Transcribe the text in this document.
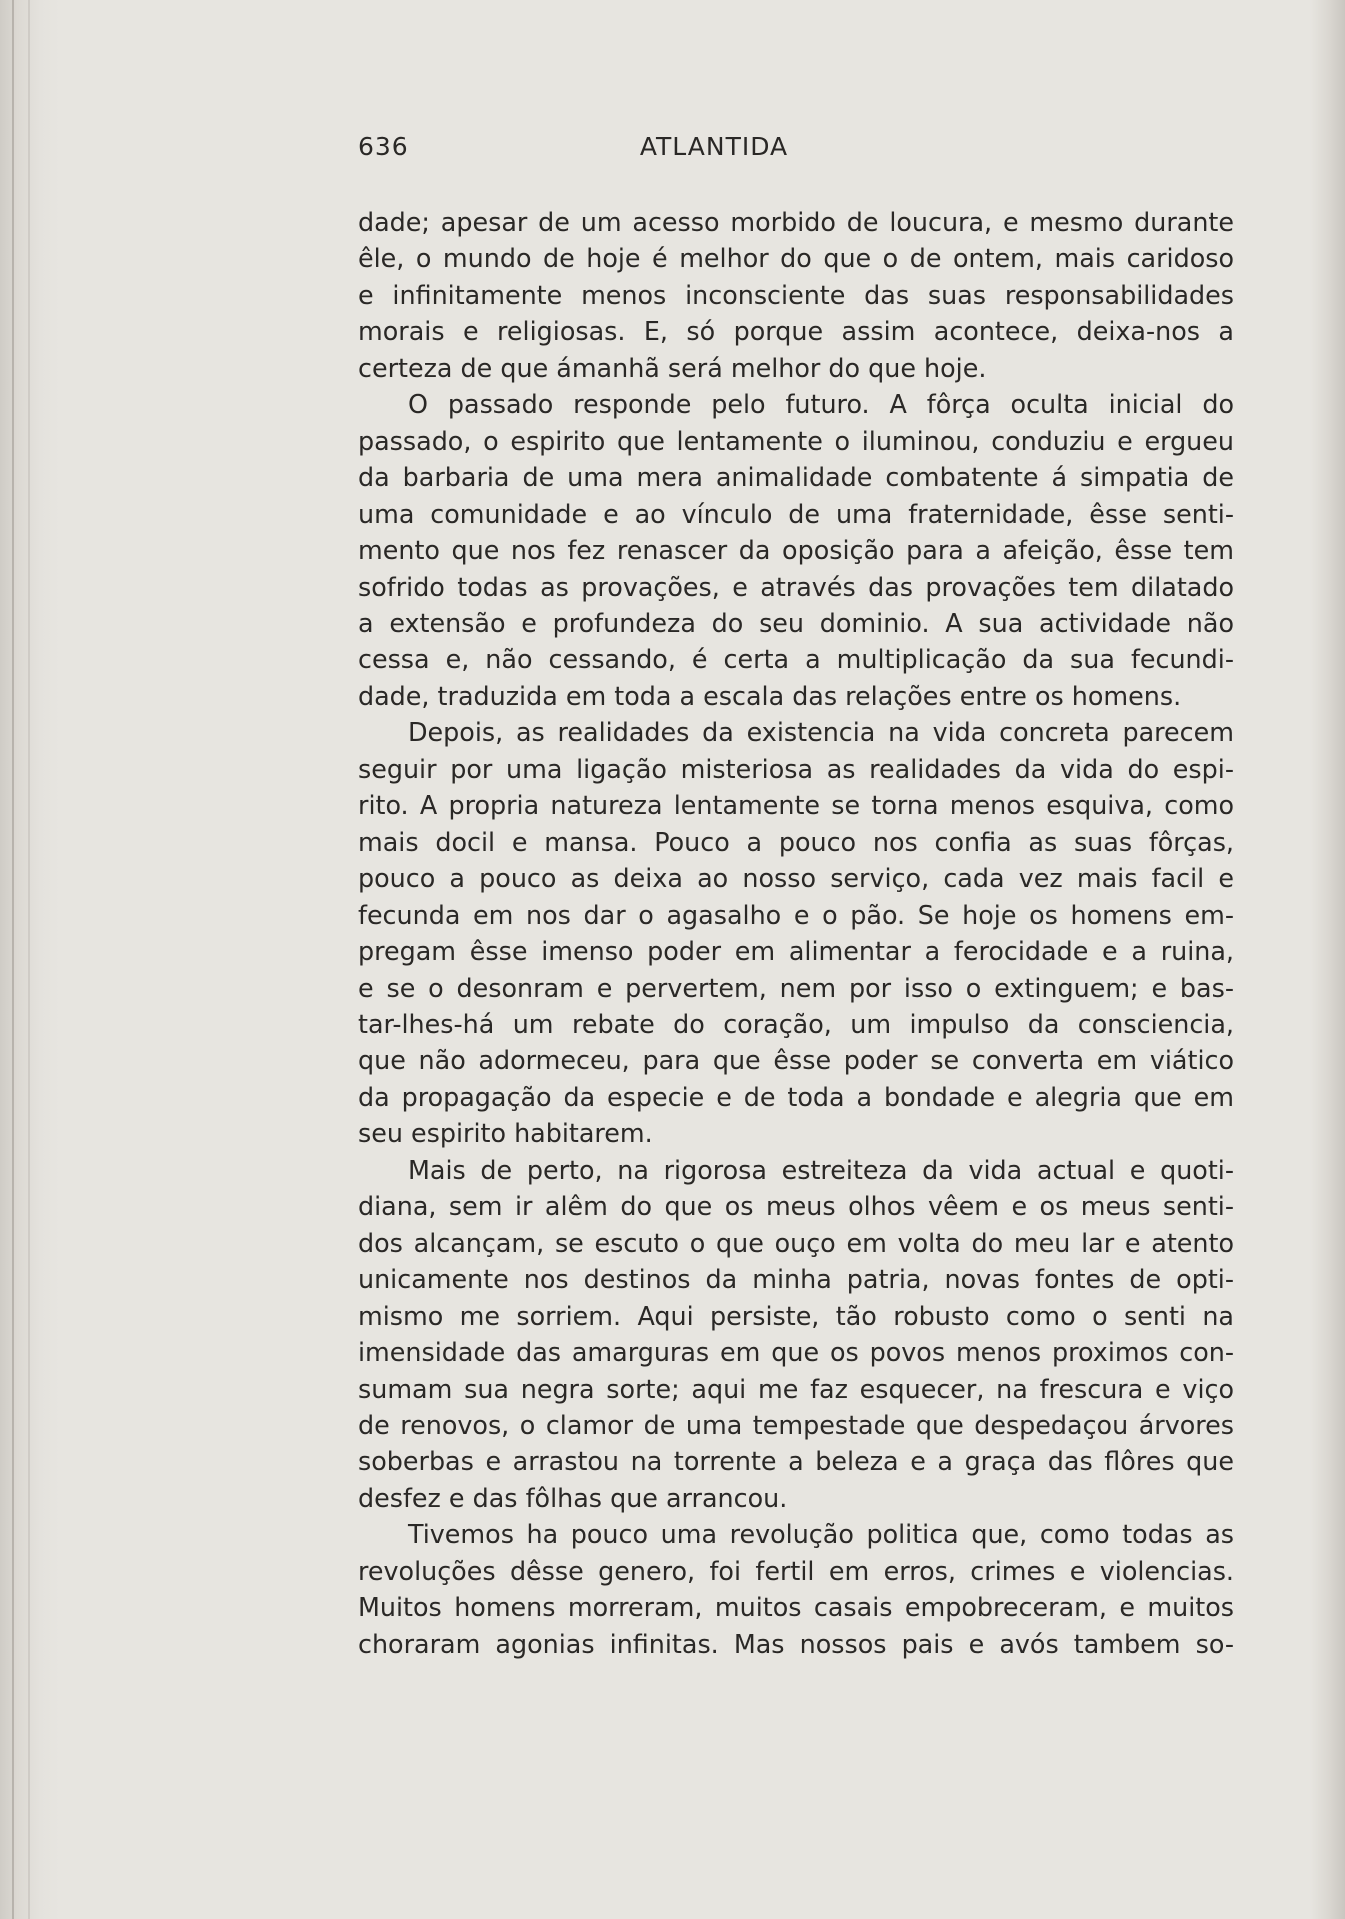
636	ATLANTIDA
dade; apesar de um acesso morbido de loucura, e mesmo durante
êle, o mundo de hoje é melhor do que o de ontem, mais caridoso
e infinitamente menos inconsciente das suas responsabilidades
morais e religiosas. E, só porque assim acontece, deixa-nos a
certeza de que ámanhã será melhor do que hoje.
O passado responde pelo futuro. A fôrça oculta inicial do
passado, o espirito que lentamente o iluminou, conduziu e ergueu
da barbaria de uma mera animalidade combatente á simpatia de
uma comunidade e ao vínculo de uma fraternidade, êsse senti-
mento que nos fez renascer da oposição para a afeição, êsse tem
sofrido todas as provações, e através das provações tem dilatado
a extensão e profundeza do seu dominio. A sua actividade não
cessa e, não cessando, é certa a multiplicação da sua fecundi-
dade, traduzida em toda a escala das relações entre os homens.
Depois, as realidades da existencia na vida concreta parecem
seguir por uma ligação misteriosa as realidades da vida do espi-
rito. A propria natureza lentamente se torna menos esquiva, como
mais docil e mansa. Pouco a pouco nos confia as suas fôrças,
pouco a pouco as deixa ao nosso serviço, cada vez mais facil e
fecunda em nos dar o agasalho e o pão. Se hoje os homens em-
pregam êsse imenso poder em alimentar a ferocidade e a ruina,
e se o desonram e pervertem, nem por isso o extinguem; e bas-
tar-lhes-há um rebate do coração, um impulso da consciencia,
que não adormeceu, para que êsse poder se converta em viático
da propagação da especie e de toda a bondade e alegria que em
seu espirito habitarem.
Mais de perto, na rigorosa estreiteza da vida actual e quoti-
diana, sem ir alêm do que os meus olhos vêem e os meus senti-
dos alcançam, se escuto o que ouço em volta do meu lar e atento
unicamente nos destinos da minha patria, novas fontes de opti-
mismo me sorriem. Aqui persiste, tão robusto como o senti na
imensidade das amarguras em que os povos menos proximos con-
sumam sua negra sorte; aqui me faz esquecer, na frescura e viço
de renovos, o clamor de uma tempestade que despedaçou árvores
soberbas e arrastou na torrente a beleza e a graça das flôres que
desfez e das fôlhas que arrancou.
Tivemos ha pouco uma revolução politica que, como todas as
revoluções dêsse genero, foi fertil em erros, crimes e violencias.
Muitos homens morreram, muitos casais empobreceram, e muitos
choraram agonias infinitas. Mas nossos pais e avós tambem so-
